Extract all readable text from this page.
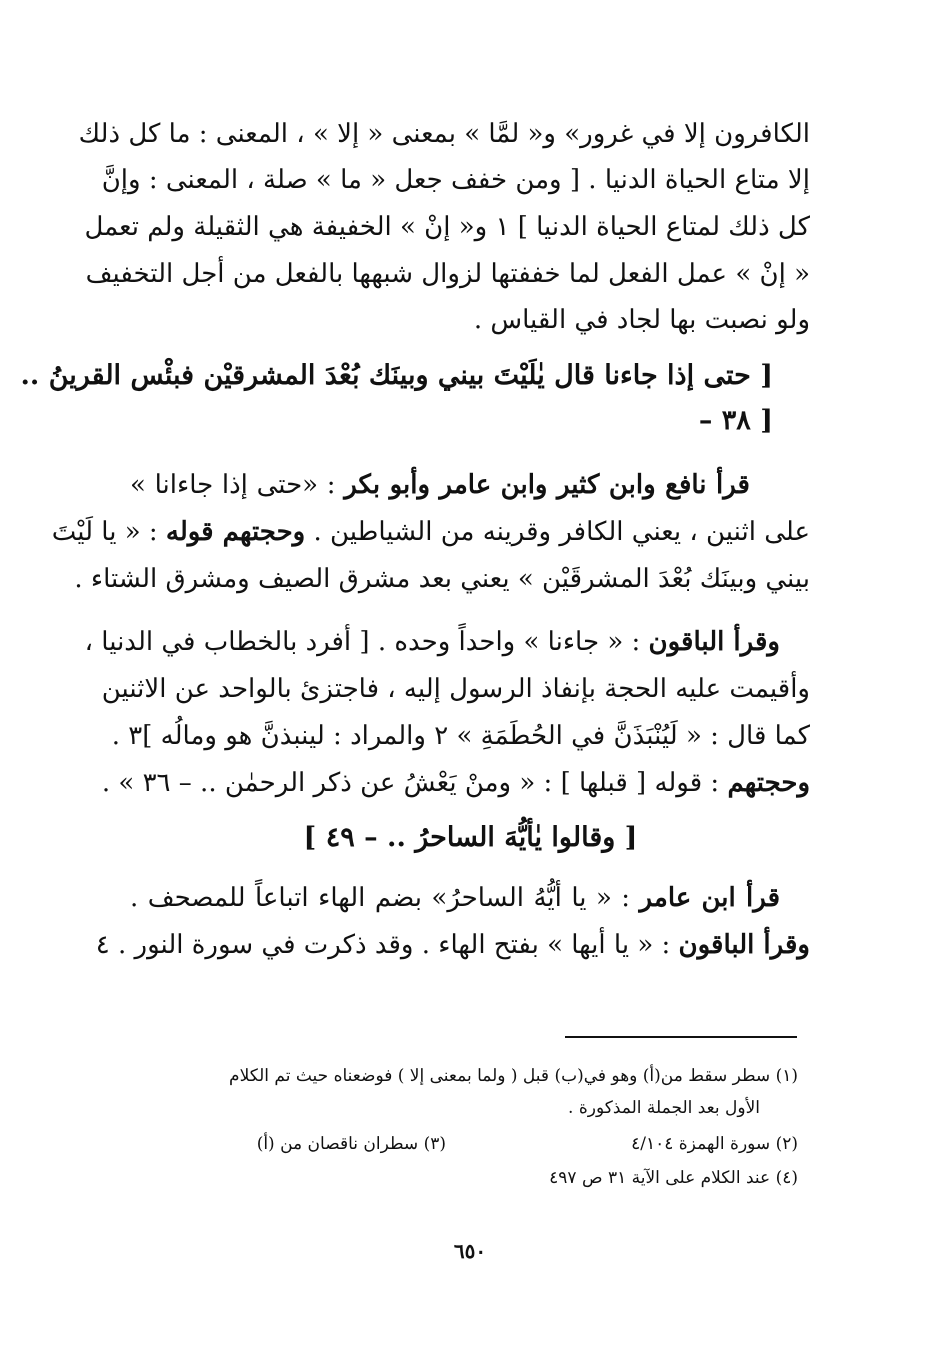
الكافرون إلا في غرور» و« لمَّا » بمعنى « إلا » ، المعنى : ما كل ذلك
إلا متاع الحياة الدنيا . [ ومن خفف جعل « ما » صلة ، المعنى : وإنَّ
كل ذلك لمتاع الحياة الدنيا ] ١ و« إنْ » الخفيفة هي الثقيلة ولم تعمل
« إنْ » عمل الفعل لما خففتها لزوال شبهها بالفعل من أجل التخفيف
ولو نصبت بها لجاد في القياس .
[ حتى إذا جاءنا قال يٰلَيْتَ بيني وبينَك بُعْدَ المشرقيْن فبئْس القرينُ ..
[ ٣٨ –
قرأ نافع وابن كثير وابن عامر وأبو بكر : «حتى إذا جاءانا »
على اثنين ، يعني الكافر وقرينه من الشياطين . وحجتهم قوله : « يا لَيْتَ
بيني وبينَك بُعْدَ المشرقَيْن » يعني بعد مشرق الصيف ومشرق الشتاء .
وقرأ الباقون : « جاءنا » واحداً وحده . [ أفرد بالخطاب في الدنيا ،
وأقيمت عليه الحجة بإنفاذ الرسول إليه ، فاجتزئ بالواحد عن الاثنين
كما قال : « لَيُنْبَذَنَّ في الحُطَمَةِ » ٢ والمراد : لينبذنَّ هو ومالُه ]٣ .
وحجتهم : قوله [ قبلها ] : « ومنْ يَعْشُ عن ذكر الرحمٰن .. – ٣٦ » .
[ وقالوا يٰأيُّهَ الساحرُ .. – ٤٩ ]
قرأ ابن عامر : « يا أيُّهُ الساحرُ» بضم الهاء اتباعاً للمصحف .
وقرأ الباقون : « يا أيها » بفتح الهاء . وقد ذكرت في سورة النور . ٤
(١) سطر سقط من(أ) وهو في(ب) قبل ( ولما بمعنى إلا ) فوضعناه حيث تم الكلام
الأول بعد الجملة المذكورة .
(٢) سورة الهمزة ٤/١٠٤
(٣) سطران ناقصان من (أ)
(٤) عند الكلام على الآية ٣١ ص ٤٩٧
٦٥٠
